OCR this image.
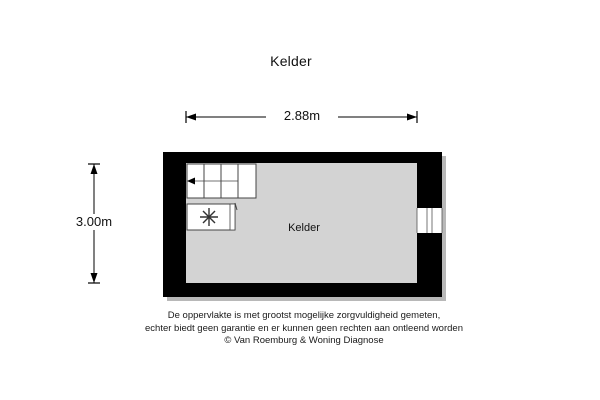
Kelder
2.88m
3.00m	Kelder
De oppervlakte is met grootst mogelijke zorgvuldigheid gemeten,
echter biedt geen garantie en er kunnen geen rechten aan ontleend worden
© Van Roemburg & Woning Diagnose
